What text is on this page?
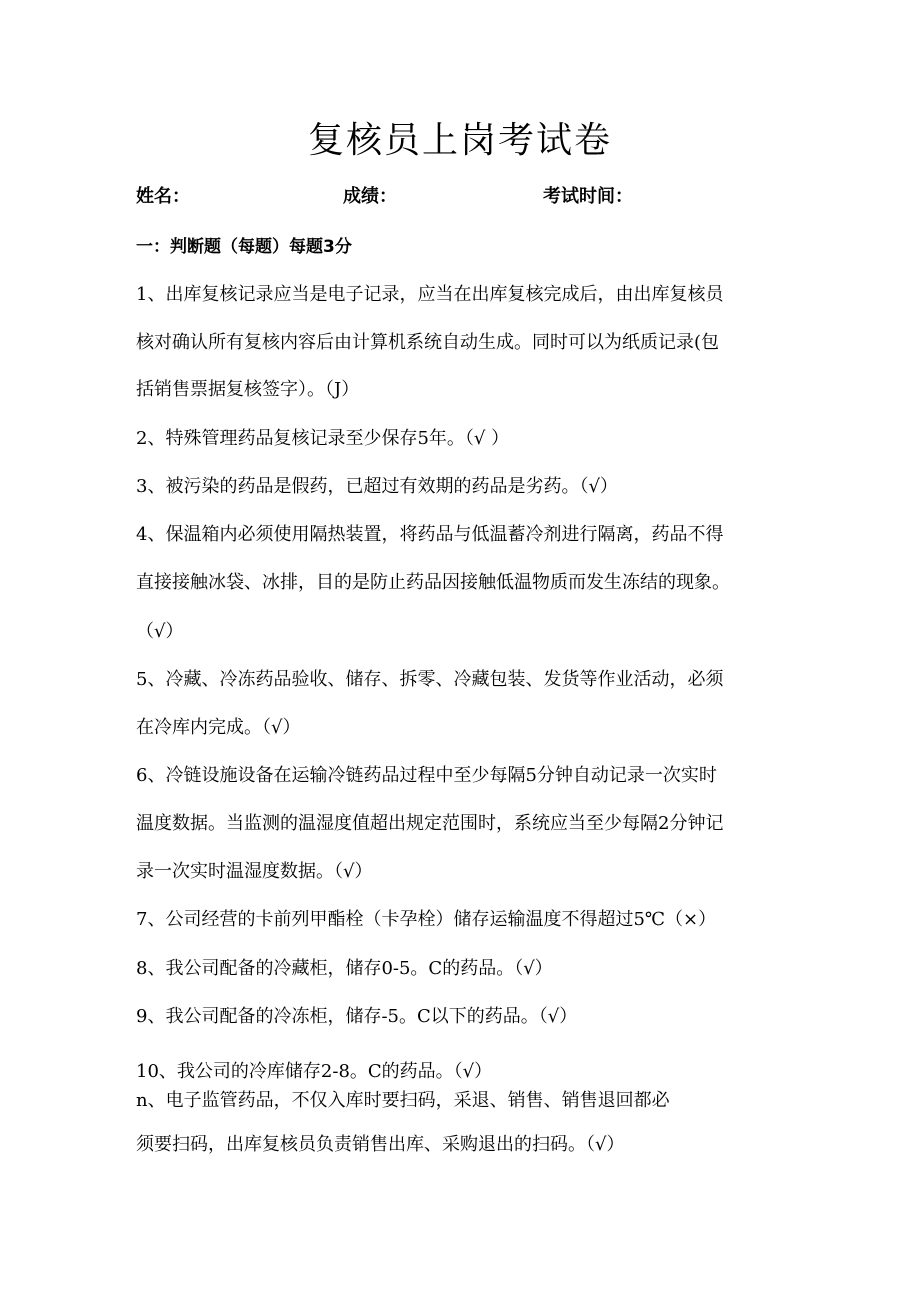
复核员上岗考试卷
姓名：	成绩：	考试时间：
一：判断题（每题）每题3分
1、出库复核记录应当是电子记录，应当在出库复核完成后，由出库复核员
核对确认所有复核内容后由计算机系统自动生成。同时可以为纸质记录(包
括销售票据复核签字）。（J）
2、特殊管理药品复核记录至少保存5年。（√ ）
3、被污染的药品是假药，已超过有效期的药品是劣药。（√）
4、保温箱内必须使用隔热装置，将药品与低温蓄冷剂进行隔离，药品不得
直接接触冰袋、冰排，目的是防止药品因接触低温物质而发生冻结的现象。
（√）
5、冷藏、冷冻药品验收、储存、拆零、冷藏包装、发货等作业活动，必须
在冷库内完成。（√）
6、冷链设施设备在运输冷链药品过程中至少每隔5分钟自动记录一次实时
温度数据。当监测的温湿度值超出规定范围时，系统应当至少每隔2分钟记
录一次实时温湿度数据。（√）
7、公司经营的卡前列甲酯栓（卡孕栓）储存运输温度不得超过5℃（×）
8、我公司配备的冷藏柜，储存0-5。C的药品。（√）
9、我公司配备的冷冻柜，储存-5。C以下的药品。（√）
10、我公司的冷库储存2-8。C的药品。（√）
n、电子监管药品，不仅入库时要扫码，采退、销售、销售退回都必
须要扫码，出库复核员负责销售出库、采购退出的扫码。（√）
